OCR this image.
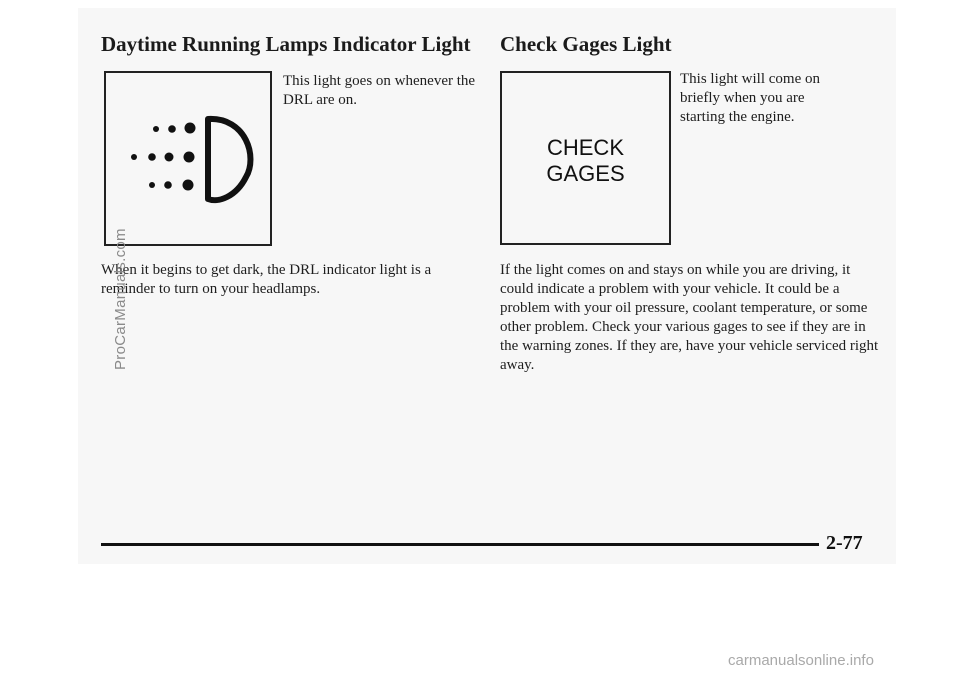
Daytime Running Lamps Indicator Light Check Gages Light

This light goes on whenever the DRL are on.

CHECK
GAGES

This light will come on briefly when you are starting the engine.

When it begins to get dark, the DRL indicator light is a reminder to turn on your headlamps.

If the light comes on and stays on while you are driving, it could indicate a problem with your vehicle. It could be a problem with your oil pressure, coolant temperature, or some other problem. Check your various gages to see if they are in the warning zones. If they are, have your vehicle serviced right away.

2-77
ProCarManuals.com
carmanualsonline.info
